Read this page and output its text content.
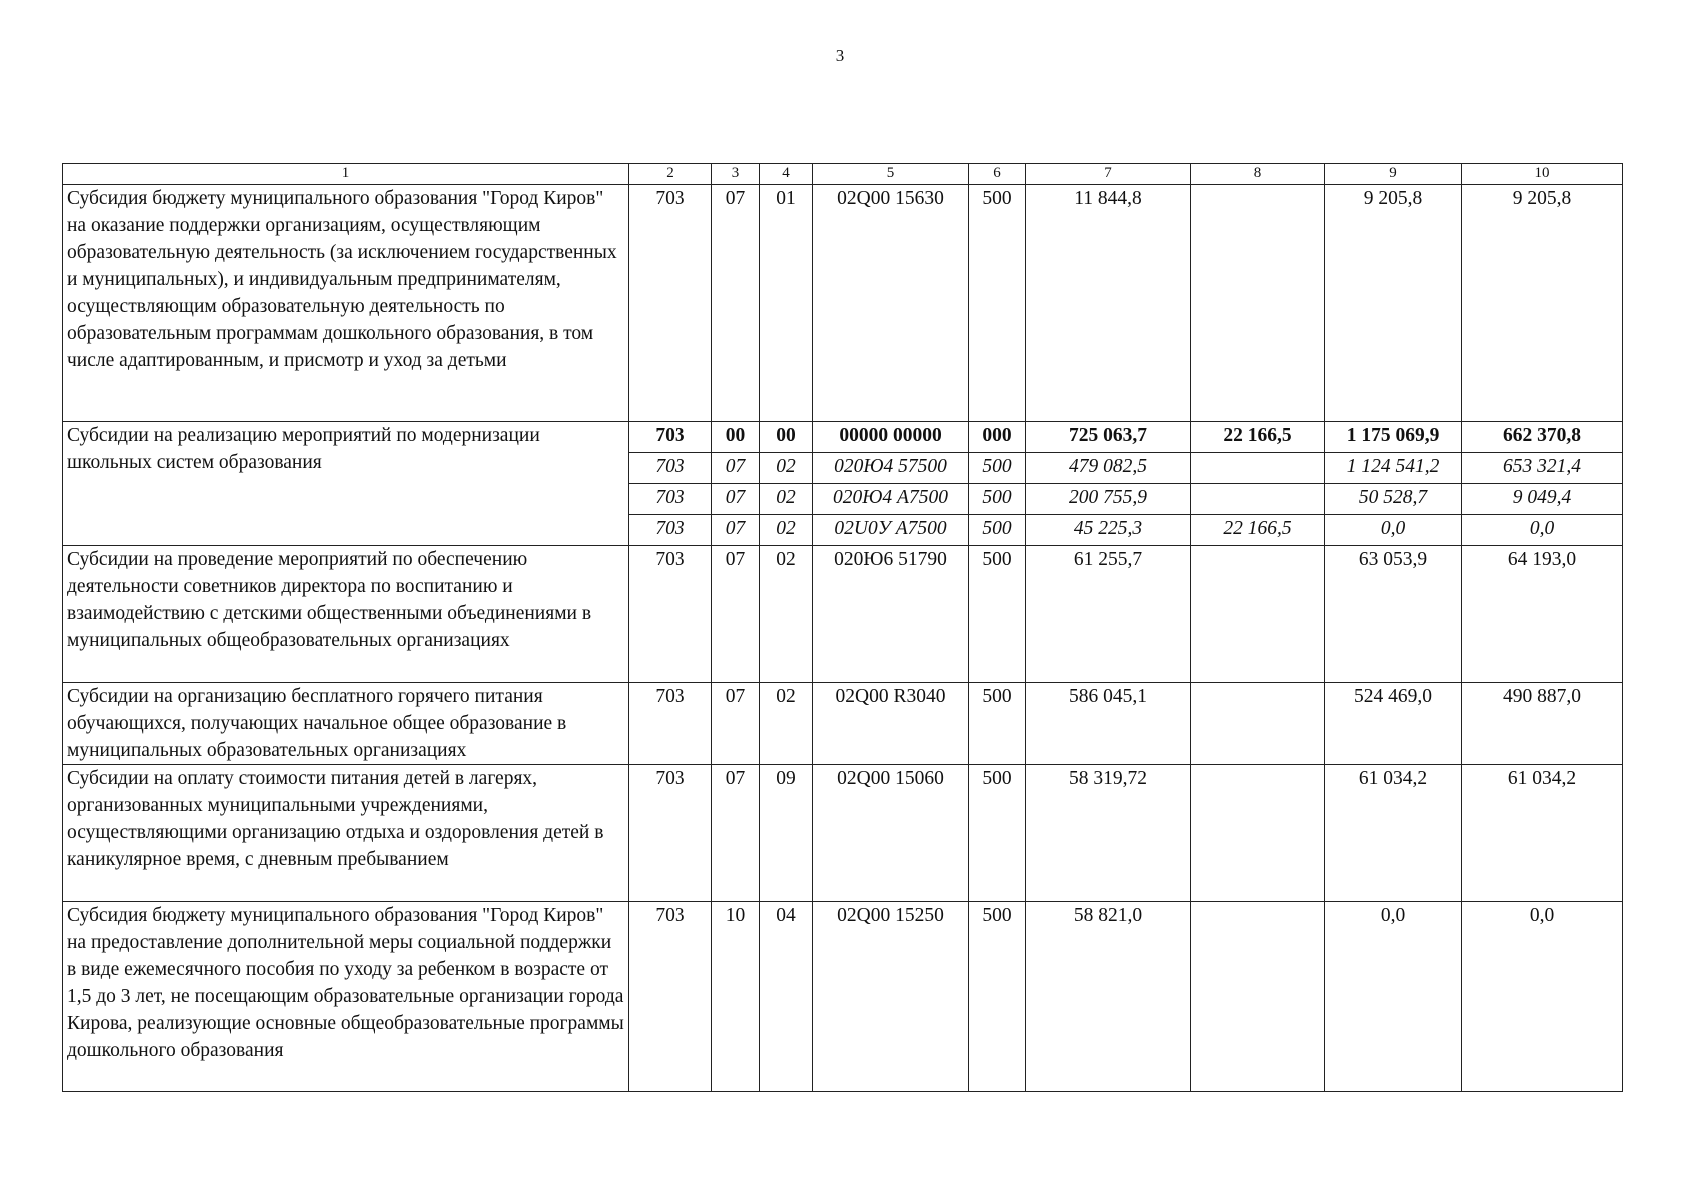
3
1	2	3	4	5	6	7	8	9	10
Субсидия бюджету муниципального образования "Город Киров" на оказание поддержки организациям, осуществляющим образовательную деятельность (за исключением государственных и муниципальных), и индивидуальным предпринимателям, осуществляющим образовательную деятельность по образовательным программам дошкольного образования, в том числе адаптированным, и присмотр и уход за детьми	703	07	01	02Q00 15630	500	11 844,8		9 205,8	9 205,8
Субсидии на реализацию мероприятий по модернизации школьных систем образования	703	00	00	00000 00000	000	725 063,7	22 166,5	1 175 069,9	662 370,8
	703	07	02	020Ю4 57500	500	479 082,5		1 124 541,2	653 321,4
	703	07	02	020Ю4 A7500	500	200 755,9		50 528,7	9 049,4
	703	07	02	02U0У A7500	500	45 225,3	22 166,5	0,0	0,0
Субсидии на проведение мероприятий по обеспечению деятельности советников директора по воспитанию и взаимодействию с детскими общественными объединениями в муниципальных общеобразовательных организациях	703	07	02	020Ю6 51790	500	61 255,7		63 053,9	64 193,0
Субсидии на организацию бесплатного горячего питания обучающихся, получающих начальное общее образование в муниципальных образовательных организациях	703	07	02	02Q00 R3040	500	586 045,1		524 469,0	490 887,0
Субсидии на оплату стоимости питания детей в лагерях, организованных муниципальными учреждениями, осуществляющими организацию отдыха и оздоровления детей в каникулярное время, с дневным пребыванием	703	07	09	02Q00 15060	500	58 319,72		61 034,2	61 034,2
Субсидия бюджету муниципального образования "Город Киров" на предоставление дополнительной меры социальной поддержки в виде ежемесячного пособия по уходу за ребенком в возрасте от 1,5 до 3 лет, не посещающим образовательные организации города Кирова, реализующие основные общеобразовательные программы дошкольного образования	703	10	04	02Q00 15250	500	58 821,0		0,0	0,0
